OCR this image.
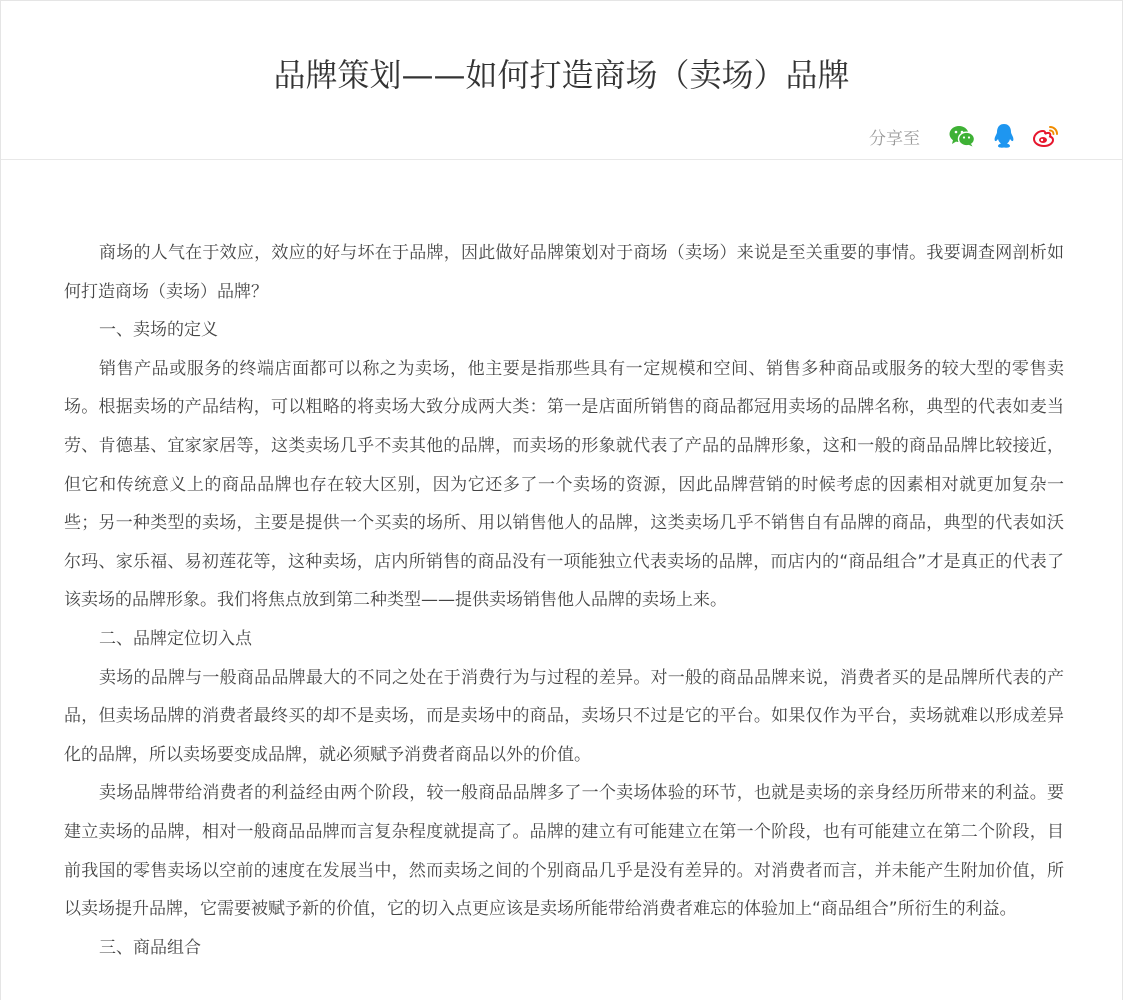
品牌策划——如何打造商场（卖场）品牌
分享至

商场的人气在于效应，效应的好与坏在于品牌，因此做好品牌策划对于商场（卖场）来说是至关重要的事情。我要调查网剖析如何打造商场（卖场）品牌？

一、卖场的定义

销售产品或服务的终端店面都可以称之为卖场，他主要是指那些具有一定规模和空间、销售多种商品或服务的较大型的零售卖场。根据卖场的产品结构，可以粗略的将卖场大致分成两大类：第一是店面所销售的商品都冠用卖场的品牌名称，典型的代表如麦当劳、肯德基、宜家家居等，这类卖场几乎不卖其他的品牌，而卖场的形象就代表了产品的品牌形象，这和一般的商品品牌比较接近，但它和传统意义上的商品品牌也存在较大区别，因为它还多了一个卖场的资源，因此品牌营销的时候考虑的因素相对就更加复杂一些；另一种类型的卖场，主要是提供一个买卖的场所、用以销售他人的品牌，这类卖场几乎不销售自有品牌的商品，典型的代表如沃尔玛、家乐福、易初莲花等，这种卖场，店内所销售的商品没有一项能独立代表卖场的品牌，而店内的“商品组合”才是真正的代表了该卖场的品牌形象。我们将焦点放到第二种类型——提供卖场销售他人品牌的卖场上来。

二、品牌定位切入点

卖场的品牌与一般商品品牌最大的不同之处在于消费行为与过程的差异。对一般的商品品牌来说，消费者买的是品牌所代表的产品，但卖场品牌的消费者最终买的却不是卖场，而是卖场中的商品，卖场只不过是它的平台。如果仅作为平台，卖场就难以形成差异化的品牌，所以卖场要变成品牌，就必须赋予消费者商品以外的价值。

卖场品牌带给消费者的利益经由两个阶段，较一般商品品牌多了一个卖场体验的环节，也就是卖场的亲身经历所带来的利益。要建立卖场的品牌，相对一般商品品牌而言复杂程度就提高了。品牌的建立有可能建立在第一个阶段，也有可能建立在第二个阶段，目前我国的零售卖场以空前的速度在发展当中，然而卖场之间的个别商品几乎是没有差异的。对消费者而言，并未能产生附加价值，所以卖场提升品牌，它需要被赋予新的价值，它的切入点更应该是卖场所能带给消费者难忘的体验加上“商品组合”所衍生的利益。

三、商品组合
